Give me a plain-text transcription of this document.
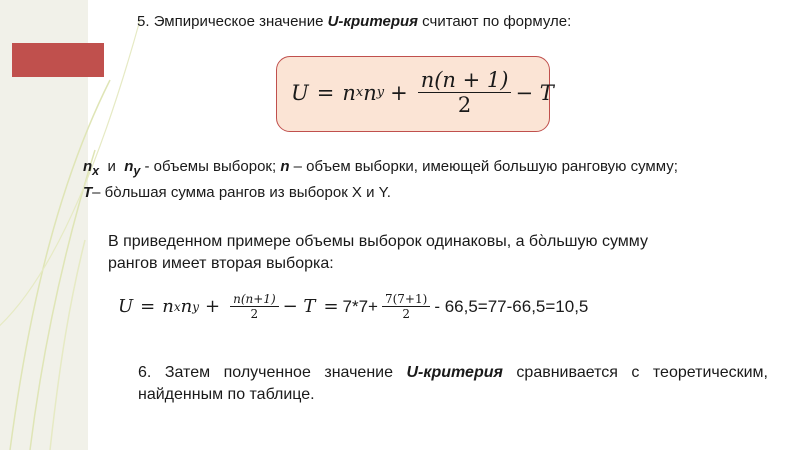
5. Эмпирическое значение U-критерия считают по формуле:
U = n x n $y + \frac{n(n + 1)}{2} - T$
$n_x$  и  $n_y$ - объемы выборок; n – объем выборки, имеющей большую ранговую сумму;
Т– бо̀льшая сумма рангов из выборок Х и Y.
В приведенном примере объемы выборок одинаковы, а бо̀льшую сумму рангов имеет вторая выборка:
U = n x n $y + \frac{n(n+1)}{2} - T = 7*7+ \frac{7(7+1)}{2} - 66,5=77-66,5=10,5$
6. Затем полученное значение U-критерия сравнивается с теоретическим, найденным по таблице.
